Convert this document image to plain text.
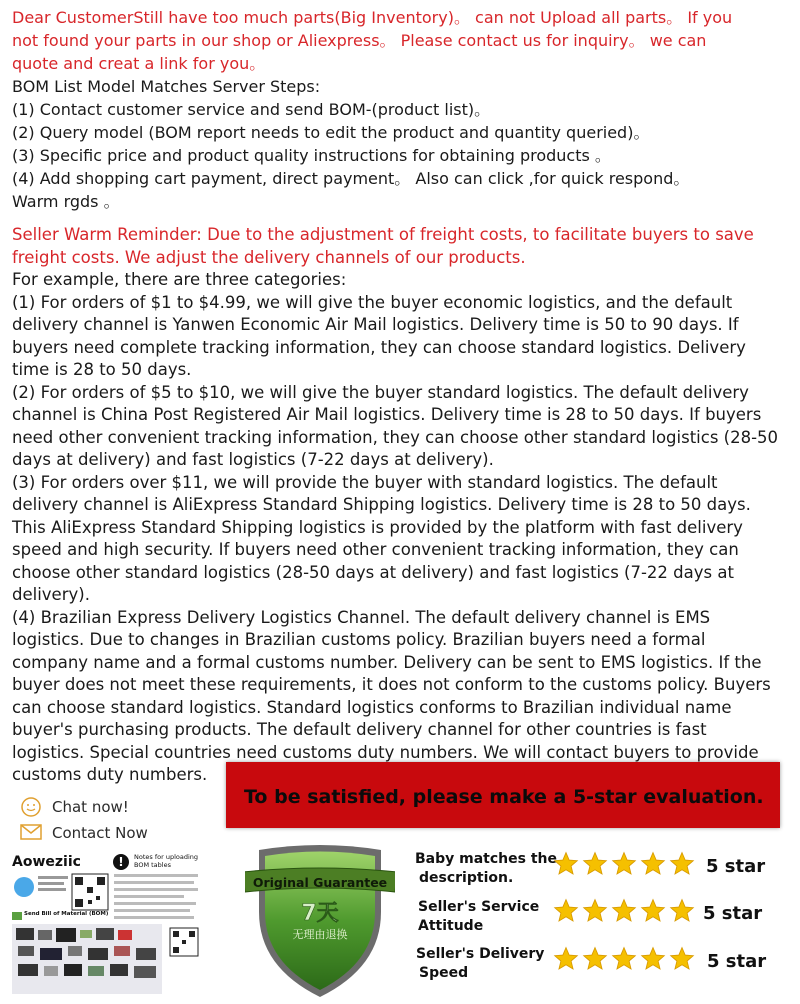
Dear CustomerStill have too much parts(Big Inventory)。 can not Upload all parts。 If you

not found your parts in our shop or Aliexpress。 Please contact us for inquiry。 we can

quote and creat a link for you。

BOM List Model Matches Server Steps:

(1) Contact customer service and send BOM-(product list)。

(2) Query model (BOM report needs to edit the product and quantity queried)。

(3) Specific price and product quality instructions for obtaining products 。

(4) Add shopping cart payment, direct payment。 Also can click ,for quick respond。

Warm rgds 。

Seller Warm Reminder: Due to the adjustment of freight costs, to facilitate buyers to save

freight costs. We adjust the delivery channels of our products.

For example, there are three categories:

(1) For orders of $1 to $4.99, we will give the buyer economic logistics, and the default

delivery channel is Yanwen Economic Air Mail logistics. Delivery time is 50 to 90 days. If

buyers need complete tracking information, they can choose standard logistics. Delivery

time is 28 to 50 days.

(2) For orders of $5 to $10, we will give the buyer standard logistics. The default delivery

channel is China Post Registered Air Mail logistics. Delivery time is 28 to 50 days. If buyers

need other convenient tracking information, they can choose other standard logistics (28-50

days at delivery) and fast logistics (7-22 days at delivery).

(3) For orders over $11, we will provide the buyer with standard logistics. The default

delivery channel is AliExpress Standard Shipping logistics. Delivery time is 28 to 50 days.

This AliExpress Standard Shipping logistics is provided by the platform with fast delivery

speed and high security. If buyers need other convenient tracking information, they can

choose other standard logistics (28-50 days at delivery) and fast logistics (7-22 days at

delivery).

(4) Brazilian Express Delivery Logistics Channel. The default delivery channel is EMS

logistics. Due to changes in Brazilian customs policy. Brazilian buyers need a formal

company name and a formal customs number. Delivery can be sent to EMS logistics. If the

buyer does not meet these requirements, it does not conform to the customs policy. Buyers

can choose standard logistics. Standard logistics conforms to Brazilian individual name

buyer's purchasing products. The default delivery channel for other countries is fast

logistics. Special countries need customs duty numbers. We will contact buyers to provide

customs duty numbers.

To be satisfied, please make a 5-star evaluation.
Chat now!
Contact Now
Aoweziic	!	Notes for uploading BOM tables
Send Bill of Material (BOM)
Original Guarantee
7天
无理由退换
Baby matches the
description.
5 star
Seller's Service
Attitude
5 star
Seller's Delivery
Speed
5 star
